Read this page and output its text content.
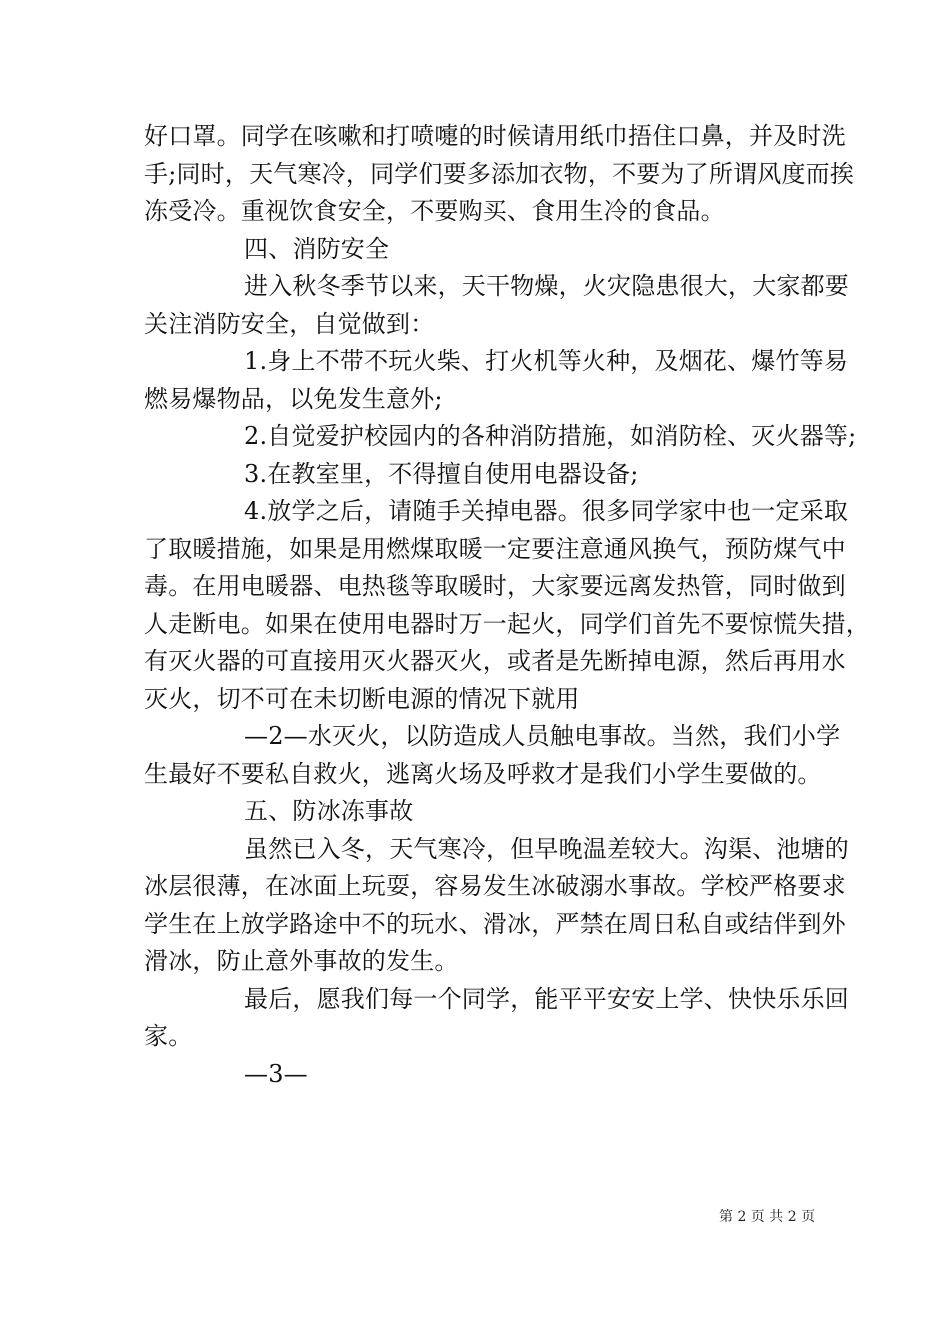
好口罩。同学在咳嗽和打喷嚏的时候请用纸巾捂住口鼻，并及时洗
手;同时，天气寒冷，同学们要多添加衣物，不要为了所谓风度而挨
冻受冷。重视饮食安全，不要购买、食用生冷的食品。
四、消防安全
进入秋冬季节以来，天干物燥，火灾隐患很大，大家都要
关注消防安全，自觉做到：
1.身上不带不玩火柴、打火机等火种，及烟花、爆竹等易
燃易爆物品，以免发生意外;
2.自觉爱护校园内的各种消防措施，如消防栓、灭火器等;
3.在教室里，不得擅自使用电器设备;
4.放学之后，请随手关掉电器。很多同学家中也一定采取
了取暖措施，如果是用燃煤取暖一定要注意通风换气，预防煤气中
毒。在用电暖器、电热毯等取暖时，大家要远离发热管，同时做到
人走断电。如果在使用电器时万一起火，同学们首先不要惊慌失措，
有灭火器的可直接用灭火器灭火，或者是先断掉电源，然后再用水
灭火，切不可在未切断电源的情况下就用
—2—水灭火，以防造成人员触电事故。当然，我们小学
生最好不要私自救火，逃离火场及呼救才是我们小学生要做的。
五、防冰冻事故
虽然已入冬，天气寒冷，但早晚温差较大。沟渠、池塘的
冰层很薄，在冰面上玩耍，容易发生冰破溺水事故。学校严格要求
学生在上放学路途中不的玩水、滑冰，严禁在周日私自或结伴到外
滑冰，防止意外事故的发生。
最后，愿我们每一个同学，能平平安安上学、快快乐乐回
家。
—3—
第 2 页 共 2 页
